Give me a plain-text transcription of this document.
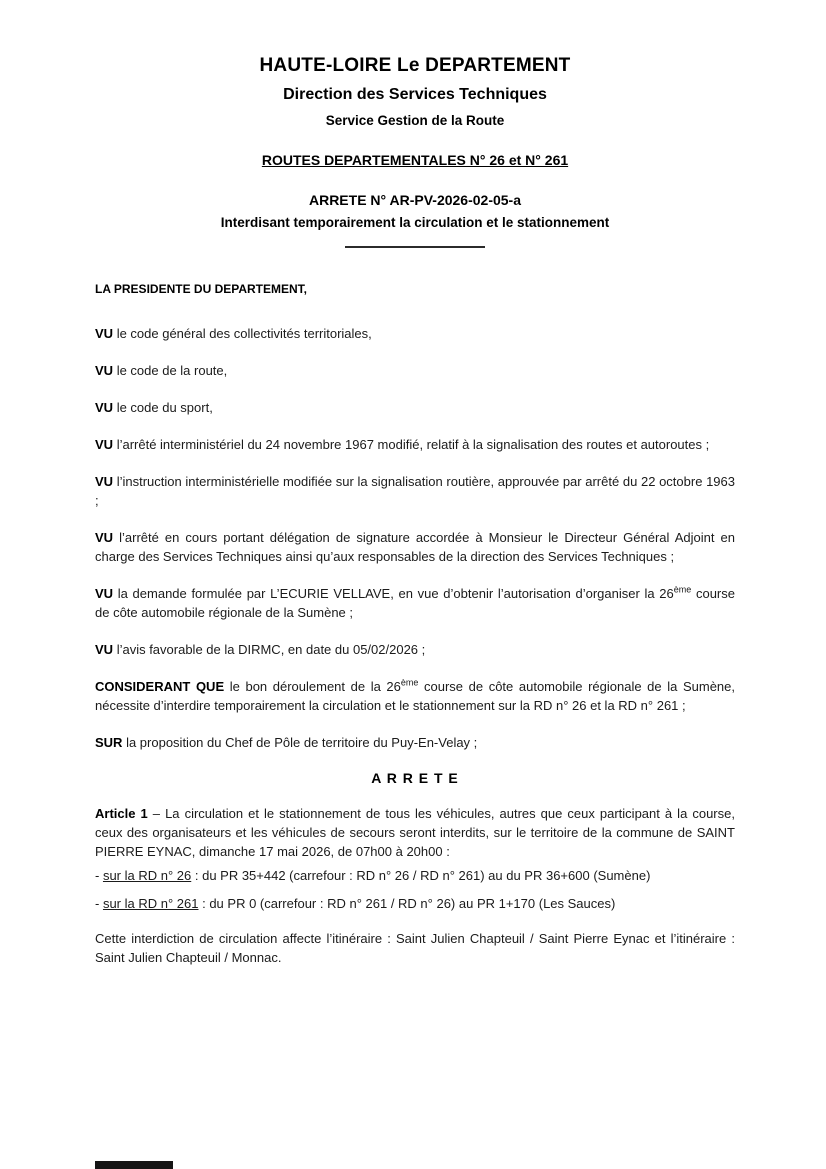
HAUTE-LOIRE Le DEPARTEMENT
Direction des Services Techniques
Service Gestion de la Route
ROUTES DEPARTEMENTALES N° 26 et N° 261
ARRETE N° AR-PV-2026-02-05-a
Interdisant temporairement la circulation et le stationnement
LA PRESIDENTE DU DEPARTEMENT,

VU le code général des collectivités territoriales,

VU le code de la route,

VU le code du sport,

VU l’arrêté interministériel du 24 novembre 1967 modifié, relatif à la signalisation des routes et autoroutes ;

VU l’instruction interministérielle modifiée sur la signalisation routière, approuvée par arrêté du 22 octobre 1963 ;

VU l’arrêté en cours portant délégation de signature accordée à Monsieur le Directeur Général Adjoint en charge des Services Techniques ainsi qu’aux responsables de la direction des Services Techniques ;

VU la demande formulée par L’ECURIE VELLAVE, en vue d’obtenir l’autorisation d’organiser la 26ème course de côte automobile régionale de la Sumène ;

VU l’avis favorable de la DIRMC, en date du 05/02/2026 ;

CONSIDERANT QUE le bon déroulement de la 26ème course de côte automobile régionale de la Sumène, nécessite d’interdire temporairement la circulation et le stationnement sur la RD n° 26 et la RD n° 261 ;

SUR la proposition du Chef de Pôle de territoire du Puy-En-Velay ;

A R R E T E

Article 1 – La circulation et le stationnement de tous les véhicules, autres que ceux participant à la course, ceux des organisateurs et les véhicules de secours seront interdits, sur le territoire de la commune de SAINT PIERRE EYNAC, dimanche 17 mai 2026, de 07h00 à 20h00 :

- sur la RD n° 26 : du PR 35+442 (carrefour : RD n° 26 / RD n° 261) au du PR 36+600 (Sumène)

- sur la RD n° 261 : du PR 0 (carrefour : RD n° 261 / RD n° 26) au PR 1+170 (Les Sauces)

Cette interdiction de circulation affecte l’itinéraire : Saint Julien Chapteuil / Saint Pierre Eynac et l’itinéraire : Saint Julien Chapteuil / Monnac.
